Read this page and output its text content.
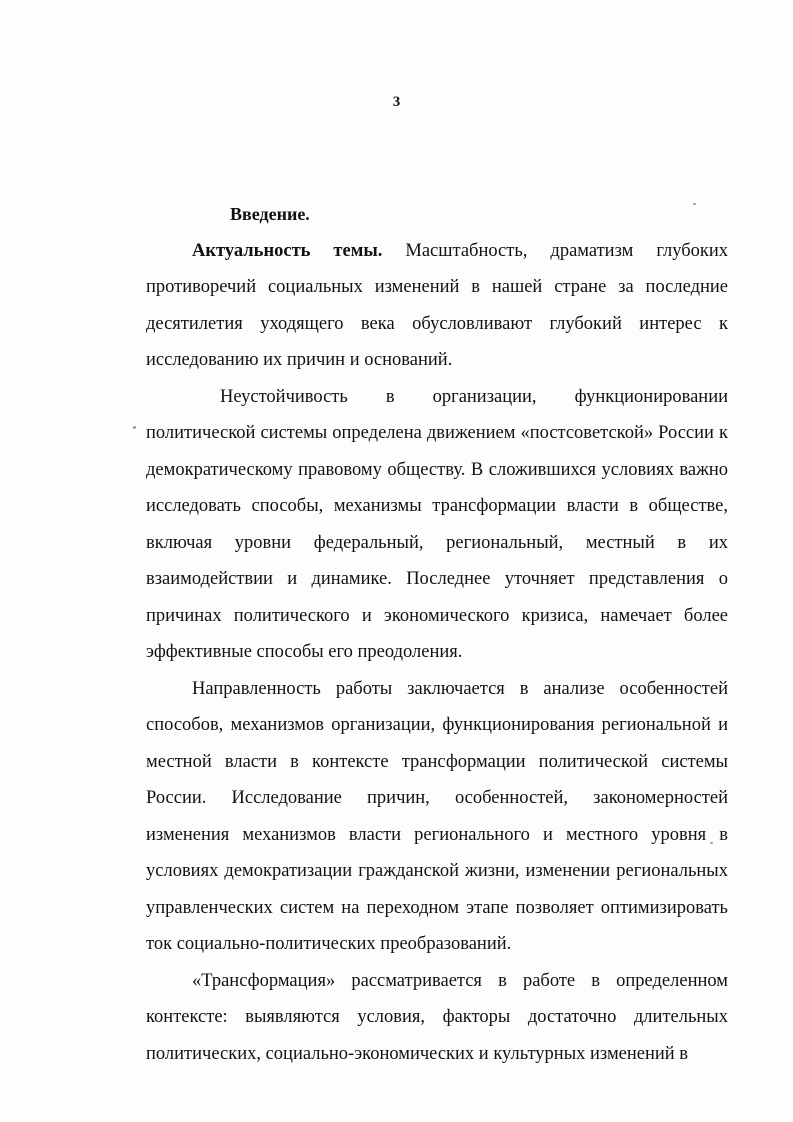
3

Введение.

Актуальность темы. Масштабность, драматизм глубоких противоречий социальных изменений в нашей стране за последние десятилетия уходящего века обусловливают глубокий интерес к исследованию их причин и оснований.

Неустойчивость в организации, функционировании политической системы определена движением «постсоветской» России к демократическому правовому обществу. В сложившихся условиях важно исследовать способы, механизмы трансформации власти в обществе, включая уровни федеральный, региональный, местный в их взаимодействии и динамике. Последнее уточняет представления о причинах политического и экономического кризиса, намечает более эффективные способы его преодоления.

Направленность работы заключается в анализе особенностей способов, механизмов организации, функционирования региональной и местной власти в контексте трансформации политической системы России. Исследование причин, особенностей, закономерностей изменения механизмов власти регионального и местного уровня в условиях демократизации гражданской жизни, изменении региональных управленческих систем на переходном этапе позволяет оптимизировать ток социально-политических преобразований.

«Трансформация» рассматривается в работе в определенном контексте: выявляются условия, факторы достаточно длительных политических, социально-экономических и культурных изменений в
